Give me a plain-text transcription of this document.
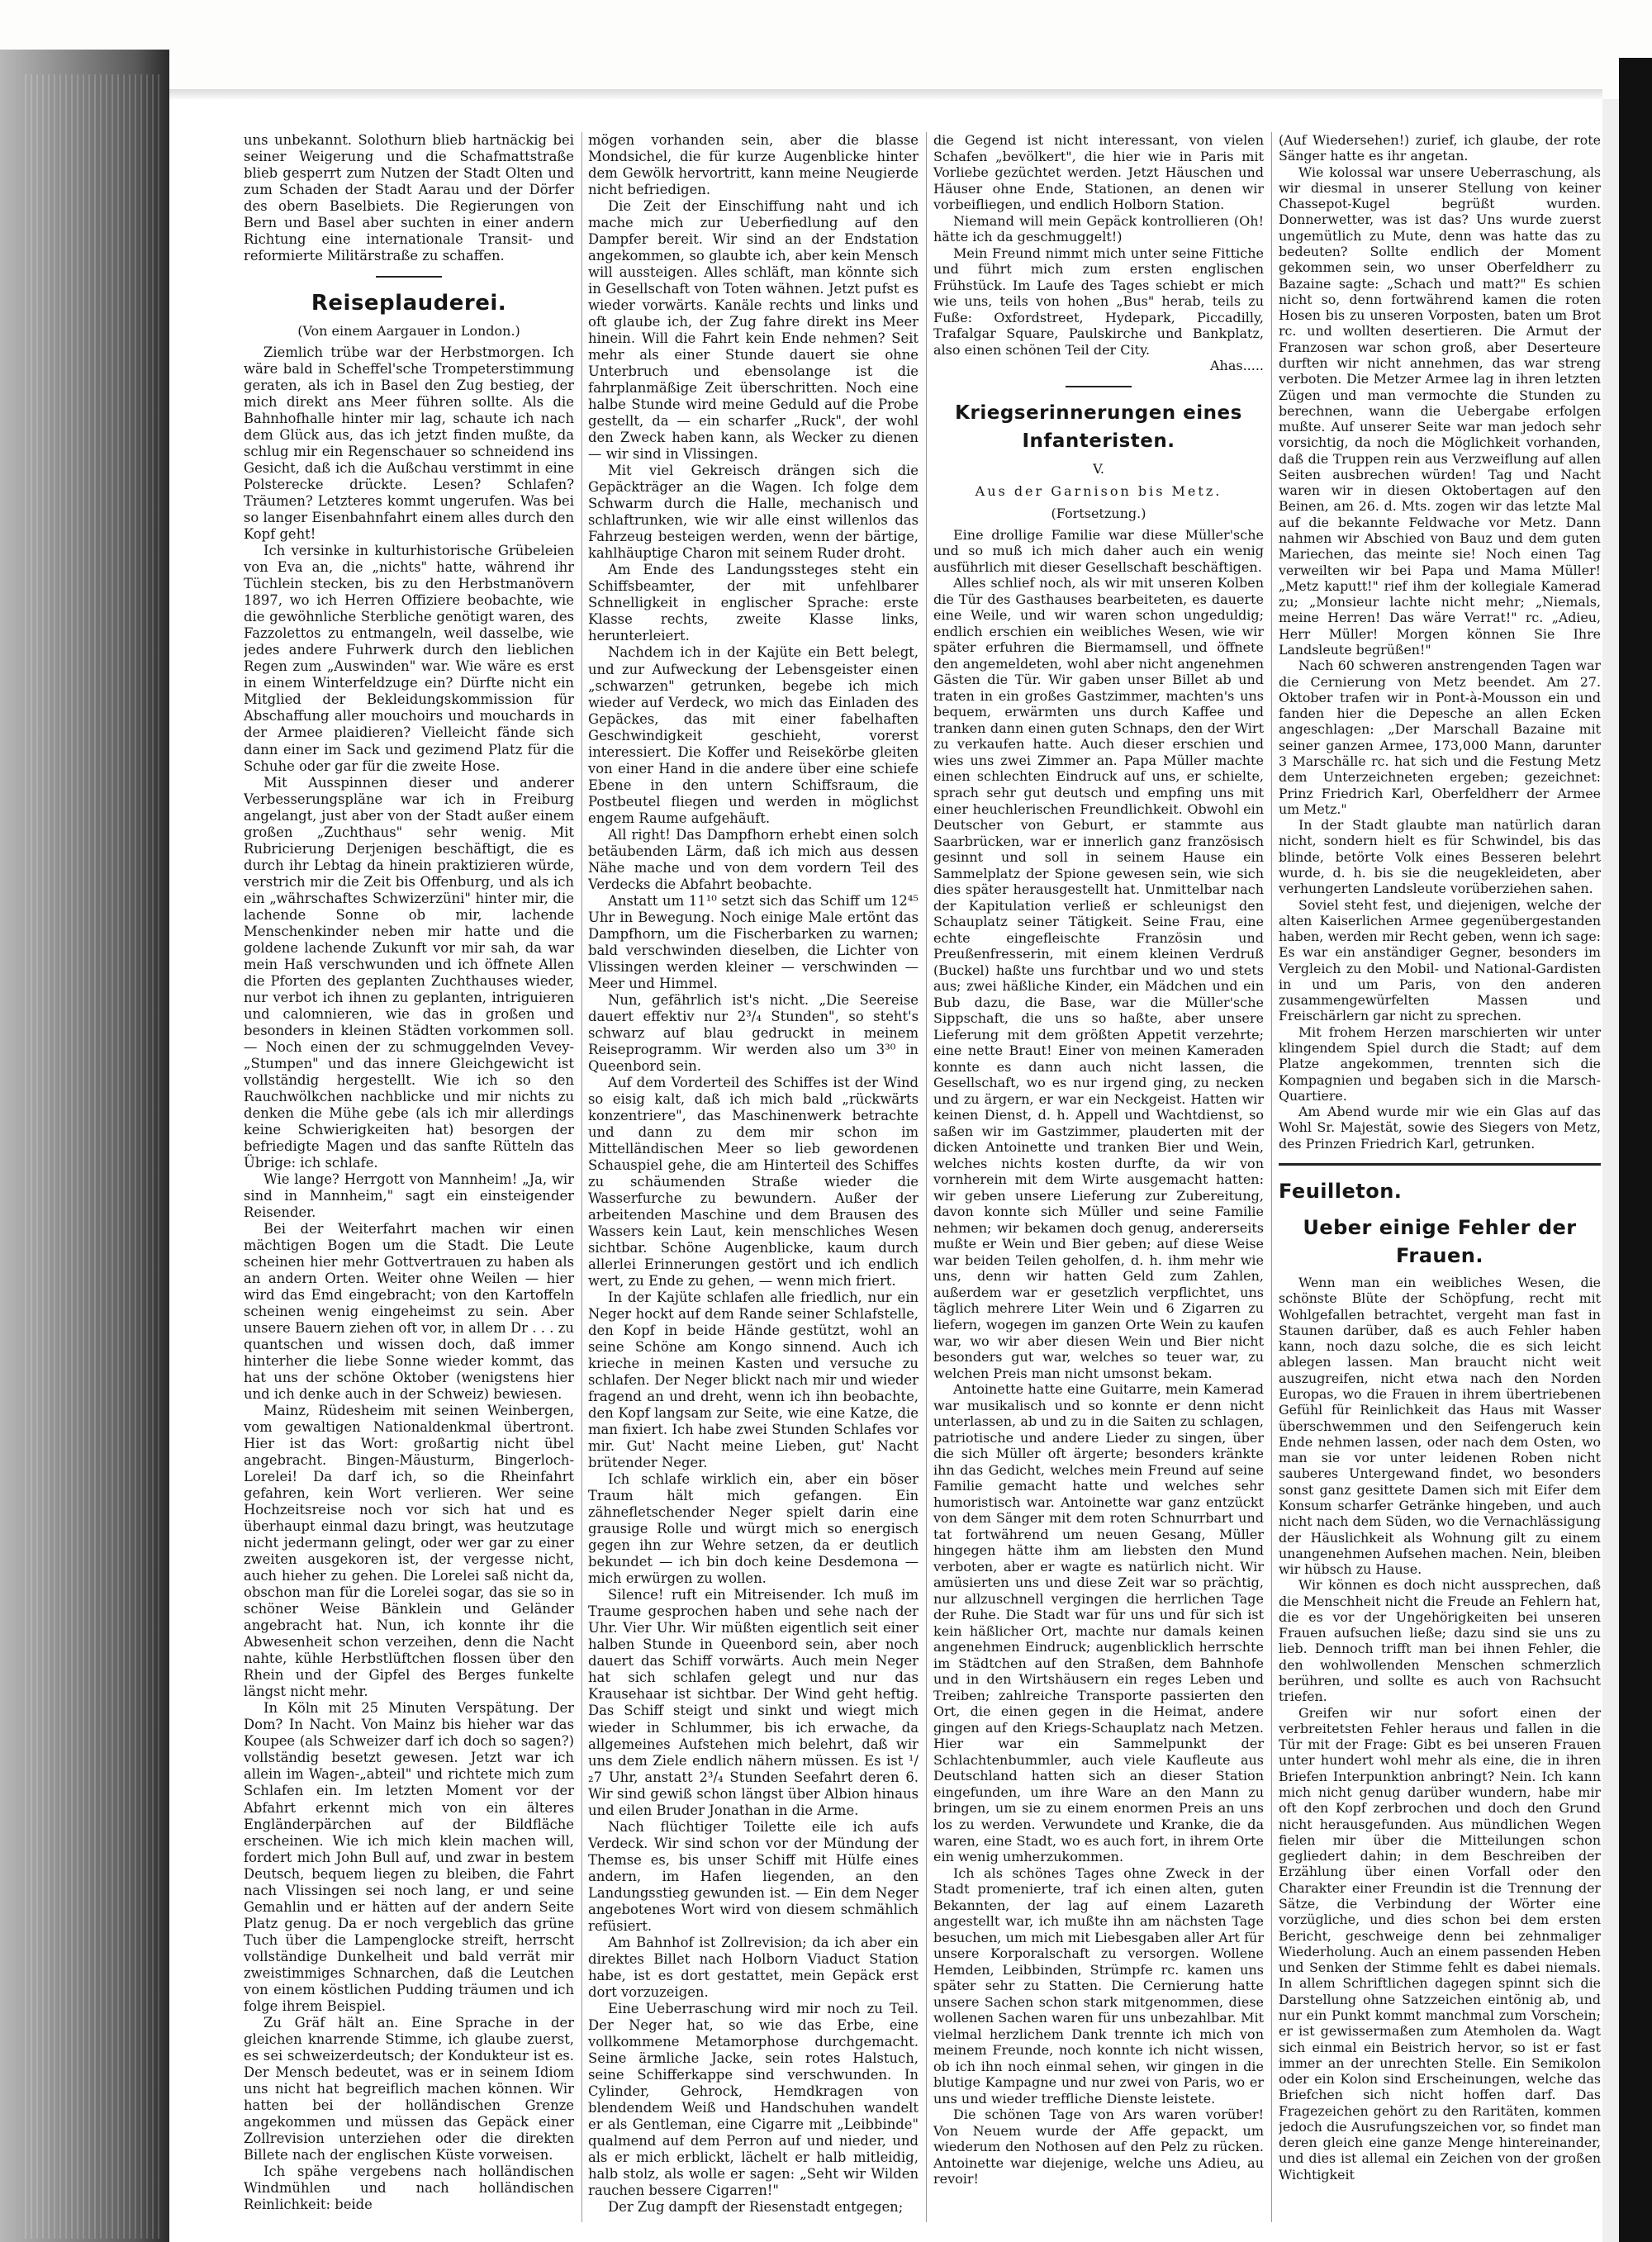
uns unbekannt. Solothurn blieb hartnäckig bei seiner Weigerung und die Schafmattstraße blieb gesperrt zum Nutzen der Stadt Olten und zum Schaden der Stadt Aarau und der Dörfer des obern Baselbiets. Die Regierungen von Bern und Basel aber suchten in einer andern Richtung eine internationale Transit- und reformierte Militärstraße zu schaffen.

Reiseplauderei.
(Von einem Aargauer in London.)

Ziemlich trübe war der Herbstmorgen. Ich wäre bald in Scheffel'sche Trompeterstimmung geraten, als ich in Basel den Zug bestieg, der mich direkt ans Meer führen sollte. Als die Bahnhofhalle hinter mir lag, schaute ich nach dem Glück aus, das ich jetzt finden mußte, da schlug mir ein Regenschauer so schneidend ins Gesicht, daß ich die Außchau verstimmt in eine Polsterecke drückte. Lesen? Schlafen? Träumen? Letzteres kommt ungerufen. Was bei so langer Eisenbahnfahrt einem alles durch den Kopf geht!

Ich versinke in kulturhistorische Grübeleien von Eva an, die „nichts" hatte, während ihr Tüchlein stecken, bis zu den Herbstmanövern 1897, wo ich Herren Offiziere beobachte, wie die gewöhnliche Sterbliche genötigt waren, des Fazzolettos zu entmangeln, weil dasselbe, wie jedes andere Fuhrwerk durch den lieblichen Regen zum „Auswinden" war. Wie wäre es erst in einem Winterfeldzuge ein? Dürfte nicht ein Mitglied der Bekleidungskommission für Abschaffung aller mouchoirs und mouchards in der Armee plaidieren? Vielleicht fände sich dann einer im Sack und gezimend Platz für die Schuhe oder gar für die zweite Hose.

Mit Ausspinnen dieser und anderer Verbesserungspläne war ich in Freiburg angelangt, just aber von der Stadt außer einem großen „Zuchthaus" sehr wenig. Mit Rubricierung Derjenigen beschäftigt, die es durch ihr Lebtag da hinein praktizieren würde, verstrich mir die Zeit bis Offenburg, und als ich ein „währschaftes Schwizerzüni" hinter mir, die lachende Sonne ob mir, lachende Menschenkinder neben mir hatte und die goldene lachende Zukunft vor mir sah, da war mein Haß verschwunden und ich öffnete Allen die Pforten des geplanten Zuchthauses wieder, nur verbot ich ihnen zu geplanten, intriguieren und calomnieren, wie das in großen und besonders in kleinen Städten vorkommen soll. — Noch einen der zu schmuggelnden Vevey-„Stumpen" und das innere Gleichgewicht ist vollständig hergestellt. Wie ich so den Rauchwölkchen nachblicke und mir nichts zu denken die Mühe gebe (als ich mir allerdings keine Schwierigkeiten hat) besorgen der befriedigte Magen und das sanfte Rütteln das Übrige: ich schlafe.

Wie lange? Herrgott von Mannheim! „Ja, wir sind in Mannheim," sagt ein einsteigender Reisender.

Bei der Weiterfahrt machen wir einen mächtigen Bogen um die Stadt. Die Leute scheinen hier mehr Gottvertrauen zu haben als an andern Orten. Weiter ohne Weilen — hier wird das Emd eingebracht; von den Kartoffeln scheinen wenig eingeheimst zu sein. Aber unsere Bauern ziehen oft vor, in allem Dr . . . zu quantschen und wissen doch, daß immer hinterher die liebe Sonne wieder kommt, das hat uns der schöne Oktober (wenigstens hier und ich denke auch in der Schweiz) bewiesen.

Mainz, Rüdesheim mit seinen Weinbergen, vom gewaltigen Nationaldenkmal übertront. Hier ist das Wort: großartig nicht übel angebracht. Bingen-Mäusturm, Bingerloch-Lorelei! Da darf ich, so die Rheinfahrt gefahren, kein Wort verlieren. Wer seine Hochzeitsreise noch vor sich hat und es überhaupt einmal dazu bringt, was heutzutage nicht jedermann gelingt, oder wer gar zu einer zweiten ausgekoren ist, der vergesse nicht, auch hieher zu gehen. Die Lorelei saß nicht da, obschon man für die Lorelei sogar, das sie so in schöner Weise Bänklein und Geländer angebracht hat. Nun, ich konnte ihr die Abwesenheit schon verzeihen, denn die Nacht nahte, kühle Herbstlüftchen flossen über den Rhein und der Gipfel des Berges funkelte längst nicht mehr.

In Köln mit 25 Minuten Verspätung. Der Dom? In Nacht. Von Mainz bis hieher war das Koupee (als Schweizer darf ich doch so sagen?) vollständig besetzt gewesen. Jetzt war ich allein im Wagen-„abteil" und richtete mich zum Schlafen ein. Im letzten Moment vor der Abfahrt erkennt mich von ein älteres Engländerpärchen auf der Bildfläche erscheinen. Wie ich mich klein machen will, fordert mich John Bull auf, und zwar in bestem Deutsch, bequem liegen zu bleiben, die Fahrt nach Vlissingen sei noch lang, er und seine Gemahlin und er hätten auf der andern Seite Platz genug. Da er noch vergeblich das grüne Tuch über die Lampenglocke streift, herrscht vollständige Dunkelheit und bald verrät mir zweistimmiges Schnarchen, daß die Leutchen von einem köstlichen Pudding träumen und ich folge ihrem Beispiel.

Zu Gräf hält an. Eine Sprache in der gleichen knarrende Stimme, ich glaube zuerst, es sei schweizerdeutsch; der Kondukteur ist es. Der Mensch bedeutet, was er in seinem Idiom uns nicht hat begreiflich machen können. Wir hatten bei der holländischen Grenze angekommen und müssen das Gepäck einer Zollrevision unterziehen oder die direkten Billete nach der englischen Küste vorweisen.

Ich spähe vergebens nach holländischen Windmühlen und nach holländischen Reinlichkeit: beide

mögen vorhanden sein, aber die blasse Mondsichel, die für kurze Augenblicke hinter dem Gewölk hervortritt, kann meine Neugierde nicht befriedigen.

Die Zeit der Einschiffung naht und ich mache mich zur Ueberfiedlung auf den Dampfer bereit. Wir sind an der Endstation angekommen, so glaubte ich, aber kein Mensch will aussteigen. Alles schläft, man könnte sich in Gesellschaft von Toten wähnen. Jetzt pufst es wieder vorwärts. Kanäle rechts und links und oft glaube ich, der Zug fahre direkt ins Meer hinein. Will die Fahrt kein Ende nehmen? Seit mehr als einer Stunde dauert sie ohne Unterbruch und ebensolange ist die fahrplanmäßige Zeit überschritten. Noch eine halbe Stunde wird meine Geduld auf die Probe gestellt, da — ein scharfer „Ruck", der wohl den Zweck haben kann, als Wecker zu dienen — wir sind in Vlissingen.

Mit viel Gekreisch drängen sich die Gepäckträger an die Wagen. Ich folge dem Schwarm durch die Halle, mechanisch und schlaftrunken, wie wir alle einst willenlos das Fahrzeug besteigen werden, wenn der bärtige, kahlhäuptige Charon mit seinem Ruder droht.

Am Ende des Landungssteges steht ein Schiffsbeamter, der mit unfehlbarer Schnelligkeit in englischer Sprache: erste Klasse rechts, zweite Klasse links, herunterleiert.

Nachdem ich in der Kajüte ein Bett belegt, und zur Aufweckung der Lebensgeister einen „schwarzen" getrunken, begebe ich mich wieder auf Verdeck, wo mich das Einladen des Gepäckes, das mit einer fabelhaften Geschwindigkeit geschieht, vorerst interessiert. Die Koffer und Reisekörbe gleiten von einer Hand in die andere über eine schiefe Ebene in den untern Schiffsraum, die Postbeutel fliegen und werden in möglichst engem Raume aufgehäuft.

All right! Das Dampfhorn erhebt einen solch betäubenden Lärm, daß ich mich aus dessen Nähe mache und von dem vordern Teil des Verdecks die Abfahrt beobachte.

Anstatt um 11¹⁰ setzt sich das Schiff um 12⁴⁵ Uhr in Bewegung. Noch einige Male ertönt das Dampfhorn, um die Fischerbarken zu warnen; bald verschwinden dieselben, die Lichter von Vlissingen werden kleiner — verschwinden — Meer und Himmel.

Nun, gefährlich ist's nicht. „Die Seereise dauert effektiv nur 2³/₄ Stunden", so steht's schwarz auf blau gedruckt in meinem Reiseprogramm. Wir werden also um 3³⁰ in Queenbord sein.

Auf dem Vorderteil des Schiffes ist der Wind so eisig kalt, daß ich mich bald „rückwärts konzentriere", das Maschinenwerk betrachte und dann zu dem mir schon im Mittelländischen Meer so lieb gewordenen Schauspiel gehe, die am Hinterteil des Schiffes zu schäumenden Straße wieder die Wasserfurche zu bewundern. Außer der arbeitenden Maschine und dem Brausen des Wassers kein Laut, kein menschliches Wesen sichtbar. Schöne Augenblicke, kaum durch allerlei Erinnerungen gestört und ich endlich wert, zu Ende zu gehen, — wenn mich friert.

In der Kajüte schlafen alle friedlich, nur ein Neger hockt auf dem Rande seiner Schlafstelle, den Kopf in beide Hände gestützt, wohl an seine Schöne am Kongo sinnend. Auch ich krieche in meinen Kasten und versuche zu schlafen. Der Neger blickt nach mir und wieder fragend an und dreht, wenn ich ihn beobachte, den Kopf langsam zur Seite, wie eine Katze, die man fixiert. Ich habe zwei Stunden Schlafes vor mir. Gut' Nacht meine Lieben, gut' Nacht brütender Neger.

Ich schlafe wirklich ein, aber ein böser Traum hält mich gefangen. Ein zähnefletschender Neger spielt darin eine grausige Rolle und würgt mich so energisch gegen ihn zur Wehre setzen, da er deutlich bekundet — ich bin doch keine Desdemona — mich erwürgen zu wollen.

Silence! ruft ein Mitreisender. Ich muß im Traume gesprochen haben und sehe nach der Uhr. Vier Uhr. Wir müßten eigentlich seit einer halben Stunde in Queenbord sein, aber noch dauert das Schiff vorwärts. Auch mein Neger hat sich schlafen gelegt und nur das Krausehaar ist sichtbar. Der Wind geht heftig. Das Schiff steigt und sinkt und wiegt mich wieder in Schlummer, bis ich erwache, da allgemeines Aufstehen mich belehrt, daß wir uns dem Ziele endlich nähern müssen. Es ist ¹/₂7 Uhr, anstatt 2³/₄ Stunden Seefahrt deren 6. Wir sind gewiß schon längst über Albion hinaus und eilen Bruder Jonathan in die Arme.

Nach flüchtiger Toilette eile ich aufs Verdeck. Wir sind schon vor der Mündung der Themse es, bis unser Schiff mit Hülfe eines andern, im Hafen liegenden, an den Landungsstieg gewunden ist. — Ein dem Neger angebotenes Wort wird von diesem schmählich refüsiert.

Am Bahnhof ist Zollrevision; da ich aber ein direktes Billet nach Holborn Viaduct Station habe, ist es dort gestattet, mein Gepäck erst dort vorzuzeigen.

Eine Ueberraschung wird mir noch zu Teil. Der Neger hat, so wie das Erbe, eine vollkommene Metamorphose durchgemacht. Seine ärmliche Jacke, sein rotes Halstuch, seine Schifferkappe sind verschwunden. In Cylinder, Gehrock, Hemdkragen von blendendem Weiß und Handschuhen wandelt er als Gentleman, eine Cigarre mit „Leibbinde" qualmend auf dem Perron auf und nieder, und als er mich erblickt, lächelt er halb mitleidig, halb stolz, als wolle er sagen: „Seht wir Wilden rauchen bessere Cigarren!"

Der Zug dampft der Riesenstadt entgegen;

die Gegend ist nicht interessant, von vielen Schafen „bevölkert", die hier wie in Paris mit Vorliebe gezüchtet werden. Jetzt Häuschen und Häuser ohne Ende, Stationen, an denen wir vorbeifliegen, und endlich Holborn Station.

Niemand will mein Gepäck kontrollieren (Oh! hätte ich da geschmuggelt!)

Mein Freund nimmt mich unter seine Fittiche und führt mich zum ersten englischen Frühstück. Im Laufe des Tages schiebt er mich wie uns, teils von hohen „Bus" herab, teils zu Fuße: Oxfordstreet, Hydepark, Piccadilly, Trafalgar Square, Paulskirche und Bankplatz, also einen schönen Teil der City.

Ahas.....

Kriegserinnerungen eines Infanteristen.
V.
Aus der Garnison bis Metz.
(Fortsetzung.)

Eine drollige Familie war diese Müller'sche und so muß ich mich daher auch ein wenig ausführlich mit dieser Gesellschaft beschäftigen.

Alles schlief noch, als wir mit unseren Kolben die Tür des Gasthauses bearbeiteten, es dauerte eine Weile, und wir waren schon ungeduldig; endlich erschien ein weibliches Wesen, wie wir später erfuhren die Biermamsell, und öffnete den angemeldeten, wohl aber nicht angenehmen Gästen die Tür. Wir gaben unser Billet ab und traten in ein großes Gastzimmer, machten's uns bequem, erwärmten uns durch Kaffee und tranken dann einen guten Schnaps, den der Wirt zu verkaufen hatte. Auch dieser erschien und wies uns zwei Zimmer an. Papa Müller machte einen schlechten Eindruck auf uns, er schielte, sprach sehr gut deutsch und empfing uns mit einer heuchlerischen Freundlichkeit. Obwohl ein Deutscher von Geburt, er stammte aus Saarbrücken, war er innerlich ganz französisch gesinnt und soll in seinem Hause ein Sammelplatz der Spione gewesen sein, wie sich dies später herausgestellt hat. Unmittelbar nach der Kapitulation verließ er schleunigst den Schauplatz seiner Tätigkeit. Seine Frau, eine echte eingefleischte Französin und Preußenfresserin, mit einem kleinen Verdruß (Buckel) haßte uns furchtbar und wo und stets aus; zwei häßliche Kinder, ein Mädchen und ein Bub dazu, die Base, war die Müller'sche Sippschaft, die uns so haßte, aber unsere Lieferung mit dem größten Appetit verzehrte; eine nette Braut! Einer von meinen Kameraden konnte es dann auch nicht lassen, die Gesellschaft, wo es nur irgend ging, zu necken und zu ärgern, er war ein Neckgeist. Hatten wir keinen Dienst, d. h. Appell und Wachtdienst, so saßen wir im Gastzimmer, plauderten mit der dicken Antoinette und tranken Bier und Wein, welches nichts kosten durfte, da wir von vornherein mit dem Wirte ausgemacht hatten: wir geben unsere Lieferung zur Zubereitung, davon konnte sich Müller und seine Familie nehmen; wir bekamen doch genug, andererseits mußte er Wein und Bier geben; auf diese Weise war beiden Teilen geholfen, d. h. ihm mehr wie uns, denn wir hatten Geld zum Zahlen, außerdem war er gesetzlich verpflichtet, uns täglich mehrere Liter Wein und 6 Zigarren zu liefern, wogegen im ganzen Orte Wein zu kaufen war, wo wir aber diesen Wein und Bier nicht besonders gut war, welches so teuer war, zu welchen Preis man nicht umsonst bekam.

Antoinette hatte eine Guitarre, mein Kamerad war musikalisch und so konnte er denn nicht unterlassen, ab und zu in die Saiten zu schlagen, patriotische und andere Lieder zu singen, über die sich Müller oft ärgerte; besonders kränkte ihn das Gedicht, welches mein Freund auf seine Familie gemacht hatte und welches sehr humoristisch war. Antoinette war ganz entzückt von dem Sänger mit dem roten Schnurrbart und tat fortwährend um neuen Gesang, Müller hingegen hätte ihm am liebsten den Mund verboten, aber er wagte es natürlich nicht. Wir amüsierten uns und diese Zeit war so prächtig, nur allzuschnell vergingen die herrlichen Tage der Ruhe. Die Stadt war für uns und für sich ist kein häßlicher Ort, machte nur damals keinen angenehmen Eindruck; augenblicklich herrschte im Städtchen auf den Straßen, dem Bahnhofe und in den Wirtshäusern ein reges Leben und Treiben; zahlreiche Transporte passierten den Ort, die einen gegen in die Heimat, andere gingen auf den Kriegs-Schauplatz nach Metzen. Hier war ein Sammelpunkt der Schlachtenbummler, auch viele Kaufleute aus Deutschland hatten sich an dieser Station eingefunden, um ihre Ware an den Mann zu bringen, um sie zu einem enormen Preis an uns los zu werden. Verwundete und Kranke, die da waren, eine Stadt, wo es auch fort, in ihrem Orte ein wenig umherzukommen.

Ich als schönes Tages ohne Zweck in der Stadt promenierte, traf ich einen alten, guten Bekannten, der lag auf einem Lazareth angestellt war, ich mußte ihn am nächsten Tage besuchen, um mich mit Liebesgaben aller Art für unsere Korporalschaft zu versorgen. Wollene Hemden, Leibbinden, Strümpfe rc. kamen uns später sehr zu Statten. Die Cernierung hatte unsere Sachen schon stark mitgenommen, diese wollenen Sachen waren für uns unbezahlbar. Mit vielmal herzlichem Dank trennte ich mich von meinem Freunde, noch konnte ich nicht wissen, ob ich ihn noch einmal sehen, wir gingen in die blutige Kampagne und nur zwei von Paris, wo er uns und wieder treffliche Dienste leistete.

Die schönen Tage von Ars waren vorüber! Von Neuem wurde der Affe gepackt, um wiederum den Nothosen auf den Pelz zu rücken. Antoinette war diejenige, welche uns Adieu, au revoir!

(Auf Wiedersehen!) zurief, ich glaube, der rote Sänger hatte es ihr angetan.

Wie kolossal war unsere Ueberraschung, als wir diesmal in unserer Stellung von keiner Chassepot-Kugel begrüßt wurden. Donnerwetter, was ist das? Uns wurde zuerst ungemütlich zu Mute, denn was hatte das zu bedeuten? Sollte endlich der Moment gekommen sein, wo unser Oberfeldherr zu Bazaine sagte: „Schach und matt?" Es schien nicht so, denn fortwährend kamen die roten Hosen bis zu unseren Vorposten, baten um Brot rc. und wollten desertieren. Die Armut der Franzosen war schon groß, aber Deserteure durften wir nicht annehmen, das war streng verboten. Die Metzer Armee lag in ihren letzten Zügen und man vermochte die Stunden zu berechnen, wann die Uebergabe erfolgen mußte. Auf unserer Seite war man jedoch sehr vorsichtig, da noch die Möglichkeit vorhanden, daß die Truppen rein aus Verzweiflung auf allen Seiten ausbrechen würden! Tag und Nacht waren wir in diesen Oktobertagen auf den Beinen, am 26. d. Mts. zogen wir das letzte Mal auf die bekannte Feldwache vor Metz. Dann nahmen wir Abschied von Bauz und dem guten Mariechen, das meinte sie! Noch einen Tag verweilten wir bei Papa und Mama Müller! „Metz kaputt!" rief ihm der kollegiale Kamerad zu; „Monsieur lachte nicht mehr; „Niemals, meine Herren! Das wäre Verrat!" rc. „Adieu, Herr Müller! Morgen können Sie Ihre Landsleute begrüßen!"

Nach 60 schweren anstrengenden Tagen war die Cernierung von Metz beendet. Am 27. Oktober trafen wir in Pont-à-Mousson ein und fanden hier die Depesche an allen Ecken angeschlagen: „Der Marschall Bazaine mit seiner ganzen Armee, 173,000 Mann, darunter 3 Marschälle rc. hat sich und die Festung Metz dem Unterzeichneten ergeben; gezeichnet: Prinz Friedrich Karl, Oberfeldherr der Armee um Metz."

In der Stadt glaubte man natürlich daran nicht, sondern hielt es für Schwindel, bis das blinde, betörte Volk eines Besseren belehrt wurde, d. h. bis sie die neugekleideten, aber verhungerten Landsleute vorüberziehen sahen.

Soviel steht fest, und diejenigen, welche der alten Kaiserlichen Armee gegenübergestanden haben, werden mir Recht geben, wenn ich sage: Es war ein anständiger Gegner, besonders im Vergleich zu den Mobil- und National-Gardisten in und um Paris, von den anderen zusammengewürfelten Massen und Freischärlern gar nicht zu sprechen.

Mit frohem Herzen marschierten wir unter klingendem Spiel durch die Stadt; auf dem Platze angekommen, trennten sich die Kompagnien und begaben sich in die Marsch-Quartiere.

Am Abend wurde mir wie ein Glas auf das Wohl Sr. Majestät, sowie des Siegers von Metz, des Prinzen Friedrich Karl, getrunken.

Feuilleton.
Ueber einige Fehler der Frauen.

Wenn man ein weibliches Wesen, die schönste Blüte der Schöpfung, recht mit Wohlgefallen betrachtet, vergeht man fast in Staunen darüber, daß es auch Fehler haben kann, noch dazu solche, die es sich leicht ablegen lassen. Man braucht nicht weit auszugreifen, nicht etwa nach den Norden Europas, wo die Frauen in ihrem übertriebenen Gefühl für Reinlichkeit das Haus mit Wasser überschwemmen und den Seifengeruch kein Ende nehmen lassen, oder nach dem Osten, wo man sie vor unter leidenen Roben nicht sauberes Untergewand findet, wo besonders sonst ganz gesittete Damen sich mit Eifer dem Konsum scharfer Getränke hingeben, und auch nicht nach dem Süden, wo die Vernachlässigung der Häuslichkeit als Wohnung gilt zu einem unangenehmen Aufsehen machen. Nein, bleiben wir hübsch zu Hause.

Wir können es doch nicht aussprechen, daß die Menschheit nicht die Freude an Fehlern hat, die es vor der Ungehörigkeiten bei unseren Frauen aufsuchen ließe; dazu sind sie uns zu lieb. Dennoch trifft man bei ihnen Fehler, die den wohlwollenden Menschen schmerzlich berühren, und sollte es auch von Rachsucht triefen.

Greifen wir nur sofort einen der verbreitetsten Fehler heraus und fallen in die Tür mit der Frage: Gibt es bei unseren Frauen unter hundert wohl mehr als eine, die in ihren Briefen Interpunktion anbringt? Nein. Ich kann mich nicht genug darüber wundern, habe mir oft den Kopf zerbrochen und doch den Grund nicht herausgefunden. Aus mündlichen Wegen fielen mir über die Mitteilungen schon gegliedert dahin; in dem Beschreiben der Erzählung über einen Vorfall oder den Charakter einer Freundin ist die Trennung der Sätze, die Verbindung der Wörter eine vorzügliche, und dies schon bei dem ersten Bericht, geschweige denn bei zehnmaliger Wiederholung. Auch an einem passenden Heben und Senken der Stimme fehlt es dabei niemals. In allem Schriftlichen dagegen spinnt sich die Darstellung ohne Satzzeichen eintönig ab, und nur ein Punkt kommt manchmal zum Vorschein; er ist gewissermaßen zum Atemholen da. Wagt sich einmal ein Beistrich hervor, so ist er fast immer an der unrechten Stelle. Ein Semikolon oder ein Kolon sind Erscheinungen, welche das Briefchen sich nicht hoffen darf. Das Fragezeichen gehört zu den Raritäten, kommen jedoch die Ausrufungszeichen vor, so findet man deren gleich eine ganze Menge hintereinander, und dies ist allemal ein Zeichen von der großen Wichtigkeit
